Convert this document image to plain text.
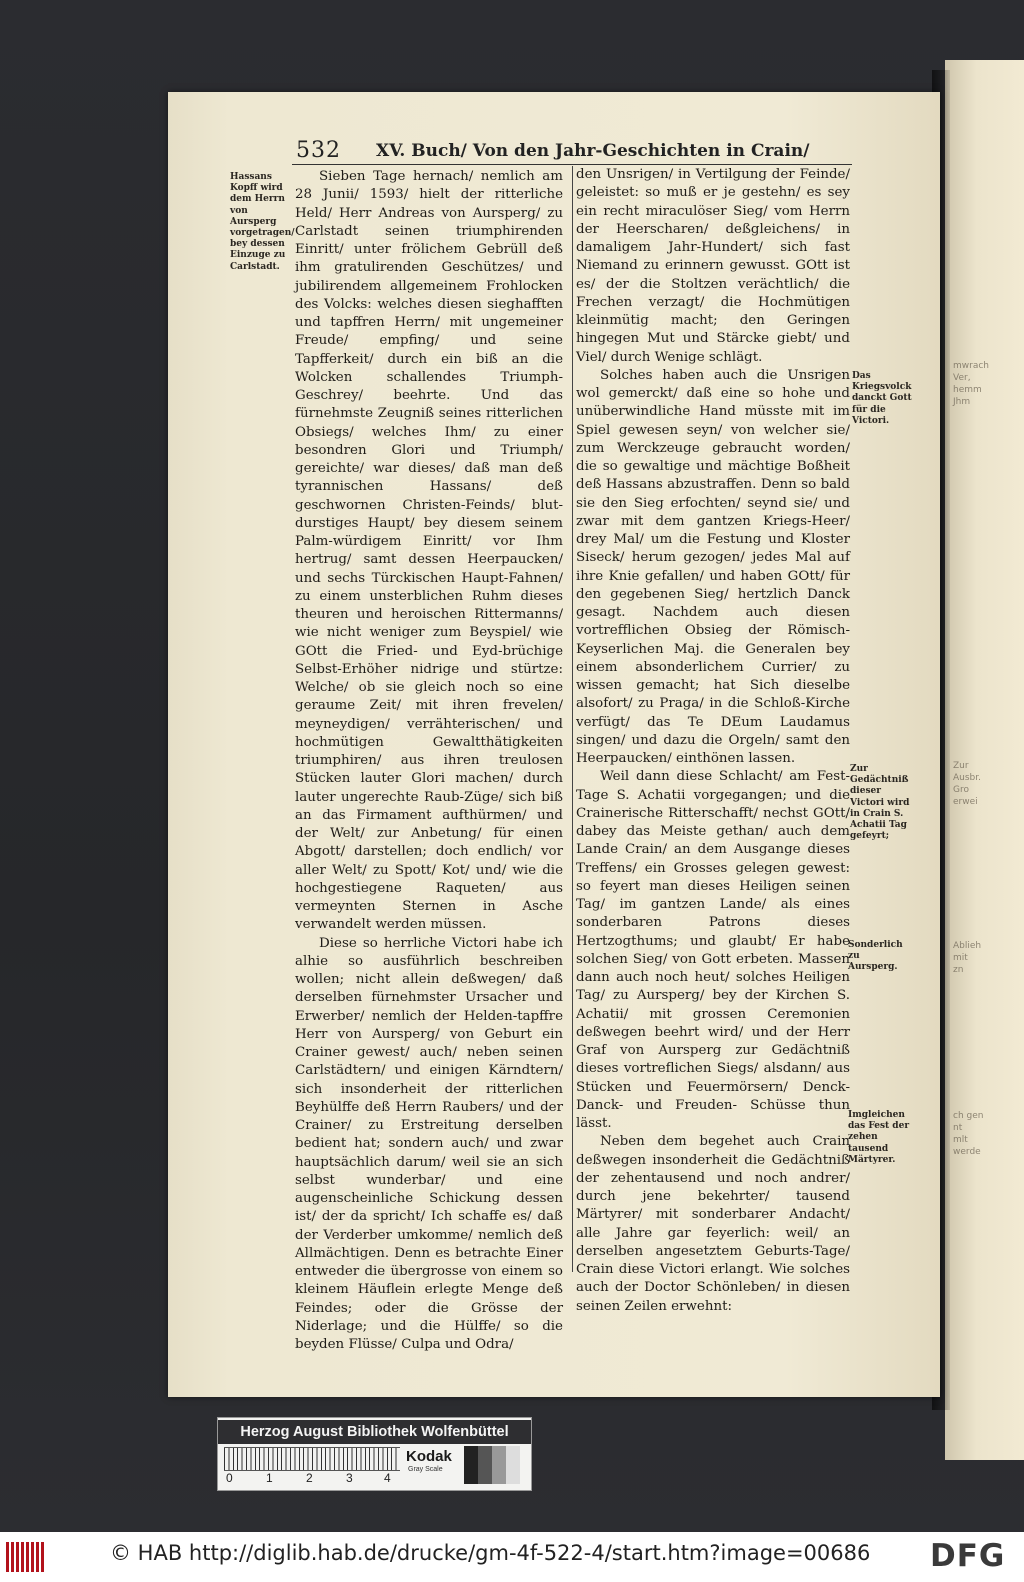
mwrach
Ver,
hemm
Jhm
Zur
Ausbr.
Gro
erwei
Ablieh
mit
zn
ch gen
nt
mlt
werde
532 XV. Buch/ Von den Jahr-Geschichten in Crain/
Hassans Kopff wird dem Herrn von Aursperg vorgetragen/ bey dessen Einzuge zu Carlstadt.
Das Kriegsvolck danckt Gott für die Victori.
Zur Gedächtniß dieser Victori wird in Crain S. Achatii Tag gefeyrt;
Sonderlich zu Aursperg.
Imgleichen das Fest der zehen tausend Märtyrer.

Sieben Tage hernach/ nemlich am 28 Junii/ 1593/ hielt der ritterliche Held/ Herr Andreas von Aursperg/ zu Carlstadt seinen triumphirenden Einritt/ unter frölichem Gebrüll deß ihm gratulirenden Geschützes/ und jubilirendem allgemeinem Frohlocken des Volcks: welches diesen sieghafften und tapffren Herrn/ mit ungemeiner Freude/ empfing/ und seine Tapfferkeit/ durch ein biß an die Wolcken schallendes Triumph-Geschrey/ beehrte. Und das fürnehmste Zeugniß seines ritterlichen Obsiegs/ welches Ihm/ zu einer besondren Glori und Triumph/ gereichte/ war dieses/ daß man deß tyrannischen Hassans/ deß geschwornen Christen-Feinds/ blut-durstiges Haupt/ bey diesem seinem Palm-würdigem Einritt/ vor Ihm hertrug/ samt dessen Heerpaucken/ und sechs Türckischen Haupt-Fahnen/ zu einem unsterblichen Ruhm dieses theuren und heroischen Rittermanns/ wie nicht weniger zum Beyspiel/ wie GOtt die Fried- und Eyd-brüchige Selbst-Erhöher nidrige und stürtze: Welche/ ob sie gleich noch so eine geraume Zeit/ mit ihren frevelen/ meyneydigen/ verrähterischen/ und hochmütigen Gewaltthätigkeiten triumphiren/ aus ihren treulosen Stücken lauter Glori machen/ durch lauter ungerechte Raub-Züge/ sich biß an das Firmament aufthürmen/ und der Welt/ zur Anbetung/ für einen Abgott/ darstellen; doch endlich/ vor aller Welt/ zu Spott/ Kot/ und/ wie die hochgestiegene Raqueten/ aus vermeynten Sternen in Asche verwandelt werden müssen.

Diese so herrliche Victori habe ich alhie so ausführlich beschreiben wollen; nicht allein deßwegen/ daß derselben fürnehmster Ursacher und Erwerber/ nemlich der Helden-tapffre Herr von Aursperg/ von Geburt ein Crainer gewest/ auch/ neben seinen Carlstädtern/ und einigen Kärndtern/ sich insonderheit der ritterlichen Beyhülffe deß Herrn Raubers/ und der Crainer/ zu Erstreitung derselben bedient hat; sondern auch/ und zwar hauptsächlich darum/ weil sie an sich selbst wunderbar/ und eine augenscheinliche Schickung dessen ist/ der da spricht/ Ich schaffe es/ daß der Verderber umkomme/ nemlich deß Allmächtigen. Denn es betrachte Einer entweder die übergrosse von einem so kleinem Häuflein erlegte Menge deß Feindes; oder die Grösse der Niderlage; und die Hülffe/ so die beyden Flüsse/ Culpa und Odra/

den Unsrigen/ in Vertilgung der Feinde/ geleistet: so muß er je gestehn/ es sey ein recht miraculöser Sieg/ vom Herrn der Heerscharen/ deßgleichens/ in damaligem Jahr-Hundert/ sich fast Niemand zu erinnern gewusst. GOtt ist es/ der die Stoltzen verächtlich/ die Frechen verzagt/ die Hochmütigen kleinmütig macht; den Geringen hingegen Mut und Stärcke giebt/ und Viel/ durch Wenige schlägt.

Solches haben auch die Unsrigen wol gemerckt/ daß eine so hohe und unüberwindliche Hand müsste mit im Spiel gewesen seyn/ von welcher sie/ zum Werckzeuge gebraucht worden/ die so gewaltige und mächtige Boßheit deß Hassans abzustraffen. Denn so bald sie den Sieg erfochten/ seynd sie/ und zwar mit dem gantzen Kriegs-Heer/ drey Mal/ um die Festung und Kloster Siseck/ herum gezogen/ jedes Mal auf ihre Knie gefallen/ und haben GOtt/ für den gegebenen Sieg/ hertzlich Danck gesagt. Nachdem auch diesen vortrefflichen Obsieg der Römisch-Keyserlichen Maj. die Generalen bey einem absonderlichem Currier/ zu wissen gemacht; hat Sich dieselbe alsofort/ zu Praga/ in die Schloß-Kirche verfügt/ das Te DEum Laudamus singen/ und dazu die Orgeln/ samt den Heerpaucken/ einthönen lassen.

Weil dann diese Schlacht/ am Fest-Tage S. Achatii vorgegangen; und die Crainerische Ritterschafft/ nechst GOtt/ dabey das Meiste gethan/ auch dem Lande Crain/ an dem Ausgange dieses Treffens/ ein Grosses gelegen gewest: so feyert man dieses Heiligen seinen Tag/ im gantzen Lande/ als eines sonderbaren Patrons dieses Hertzogthums; und glaubt/ Er habe solchen Sieg/ von Gott erbeten. Massen dann auch noch heut/ solches Heiligen Tag/ zu Aursperg/ bey der Kirchen S. Achatii/ mit grossen Ceremonien deßwegen beehrt wird/ und der Herr Graf von Aursperg zur Gedächtniß dieses vortreflichen Siegs/ alsdann/ aus Stücken und Feuermörsern/ Denck- Danck- und Freuden- Schüsse thun lässt.

Neben dem begehet auch Crain deßwegen insonderheit die Gedächtniß der zehentausend und noch andrer/ durch jene bekehrter/ tausend Märtyrer/ mit sonderbarer Andacht/ alle Jahre gar feyerlich: weil/ an derselben angesetztem Geburts-Tage/ Crain diese Victori erlangt. Wie solches auch der Doctor Schönleben/ in diesen seinen Zeilen erwehnt:

Herzog August Bibliothek Wolfenbüttel
0	1	2	3	4
Kodak
Gray Scale
© HAB http://diglib.hab.de/drucke/gm-4f-522-4/start.htm?image=00686 DFG
